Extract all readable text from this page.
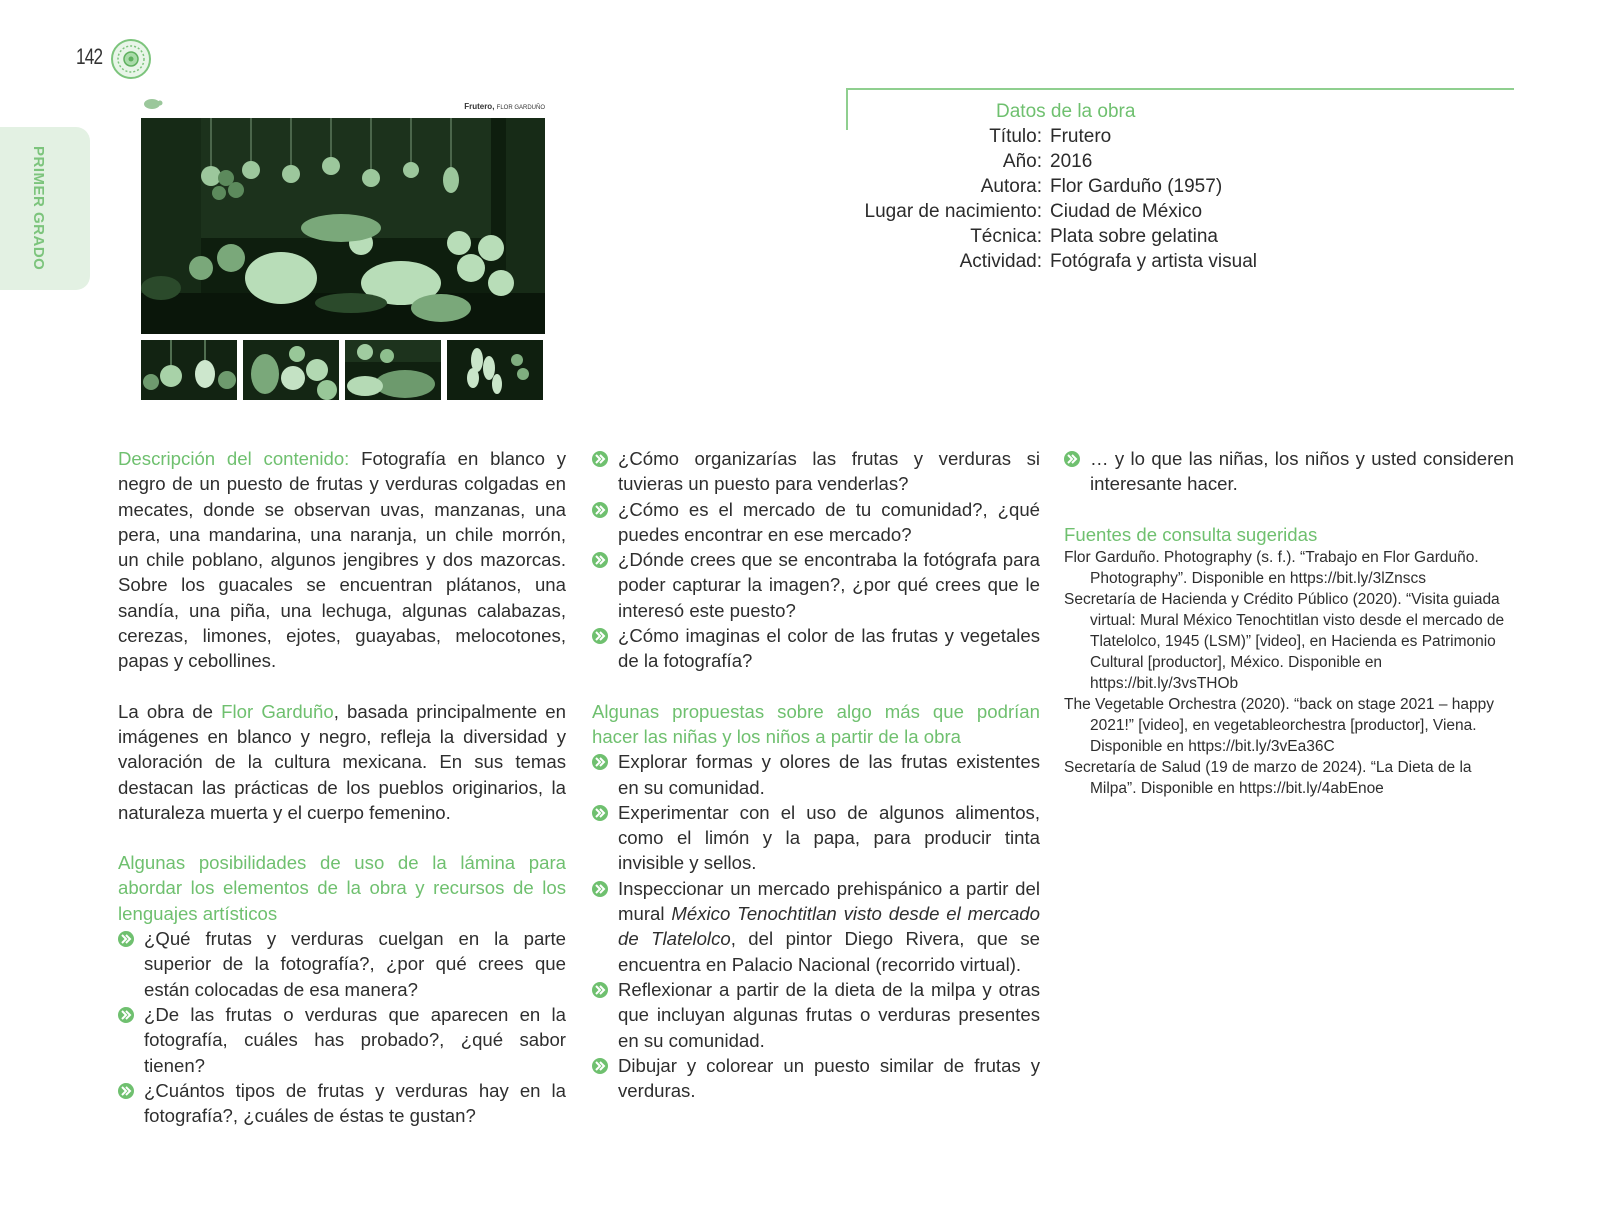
142
PRIMER GRADO
Frutero, FLOR GARDUÑO	Datos de la obra
Título: Frutero
Año: 2016
Autora: Flor Garduño (1957)
Lugar de nacimiento: Ciudad de México
Técnica: Plata sobre gelatina
Actividad: Fotógrafa y artista visual

Descripción del contenido: Fotografía en blanco y negro de un puesto de frutas y verduras colgadas en mecates, donde se observan uvas, manzanas, una pera, una mandarina, una naranja, un chile morrón, un chile poblano, algunos jengibres y dos mazorcas. Sobre los guacales se encuentran plátanos, una sandía, una piña, una lechuga, algunas calabazas, cerezas, limones, ejotes, guayabas, melocotones, papas y cebollines.

La obra de Flor Garduño, basada principalmente en imágenes en blanco y negro, refleja la diversidad y valoración de la cultura mexicana. En sus temas destacan las prácticas de los pueblos originarios, la naturaleza muerta y el cuerpo femenino.

Algunas posibilidades de uso de la lámina para abordar los elementos de la obra y recursos de los lenguajes artísticos
¿Qué frutas y verduras cuelgan en la parte superior de la fotografía?, ¿por qué crees que están colocadas de esa manera?
¿De las frutas o verduras que aparecen en la fotografía, cuáles has probado?, ¿qué sabor tienen?
¿Cuántos tipos de frutas y verduras hay en la fotografía?, ¿cuáles de éstas te gustan?
¿Cómo organizarías las frutas y verduras si tuvieras un puesto para venderlas?
¿Cómo es el mercado de tu comunidad?, ¿qué puedes encontrar en ese mercado?
¿Dónde crees que se encontraba la fotógrafa para poder capturar la imagen?, ¿por qué crees que le interesó este puesto?
¿Cómo imaginas el color de las frutas y vegetales de la fotografía?
Algunas propuestas sobre algo más que podrían hacer las niñas y los niños a partir de la obra
Explorar formas y olores de las frutas existentes en su comunidad.
Experimentar con el uso de algunos alimentos, como el limón y la papa, para producir tinta invisible y sellos.
Inspeccionar un mercado prehispánico a partir del mural México Tenochtitlan visto desde el mercado de Tlatelolco, del pintor Diego Rivera, que se encuentra en Palacio Nacional (recorrido virtual).
Reflexionar a partir de la dieta de la milpa y otras que incluyan algunas frutas o verduras presentes en su comunidad.
Dibujar y colorear un puesto similar de frutas y verduras.
… y lo que las niñas, los niños y usted consideren interesante hacer.
Fuentes de consulta sugeridas
Flor Garduño. Photography (s. f.). “Trabajo en Flor Garduño. Photography”. Disponible en https://bit.ly/3lZnscs
Secretaría de Hacienda y Crédito Público (2020). “Visita guiada virtual: Mural México Tenochtitlan visto desde el mercado de Tlatelolco, 1945 (LSM)” [video], en Hacienda es Patrimonio Cultural [productor], México. Disponible en https://bit.ly/3vsTHOb
The Vegetable Orchestra (2020). “back on stage 2021 – happy 2021!” [video], en vegetableorchestra [productor], Viena. Disponible en https://bit.ly/3vEa36C
Secretaría de Salud (19 de marzo de 2024). “La Dieta de la Milpa”. Disponible en https://bit.ly/4abEnoe
